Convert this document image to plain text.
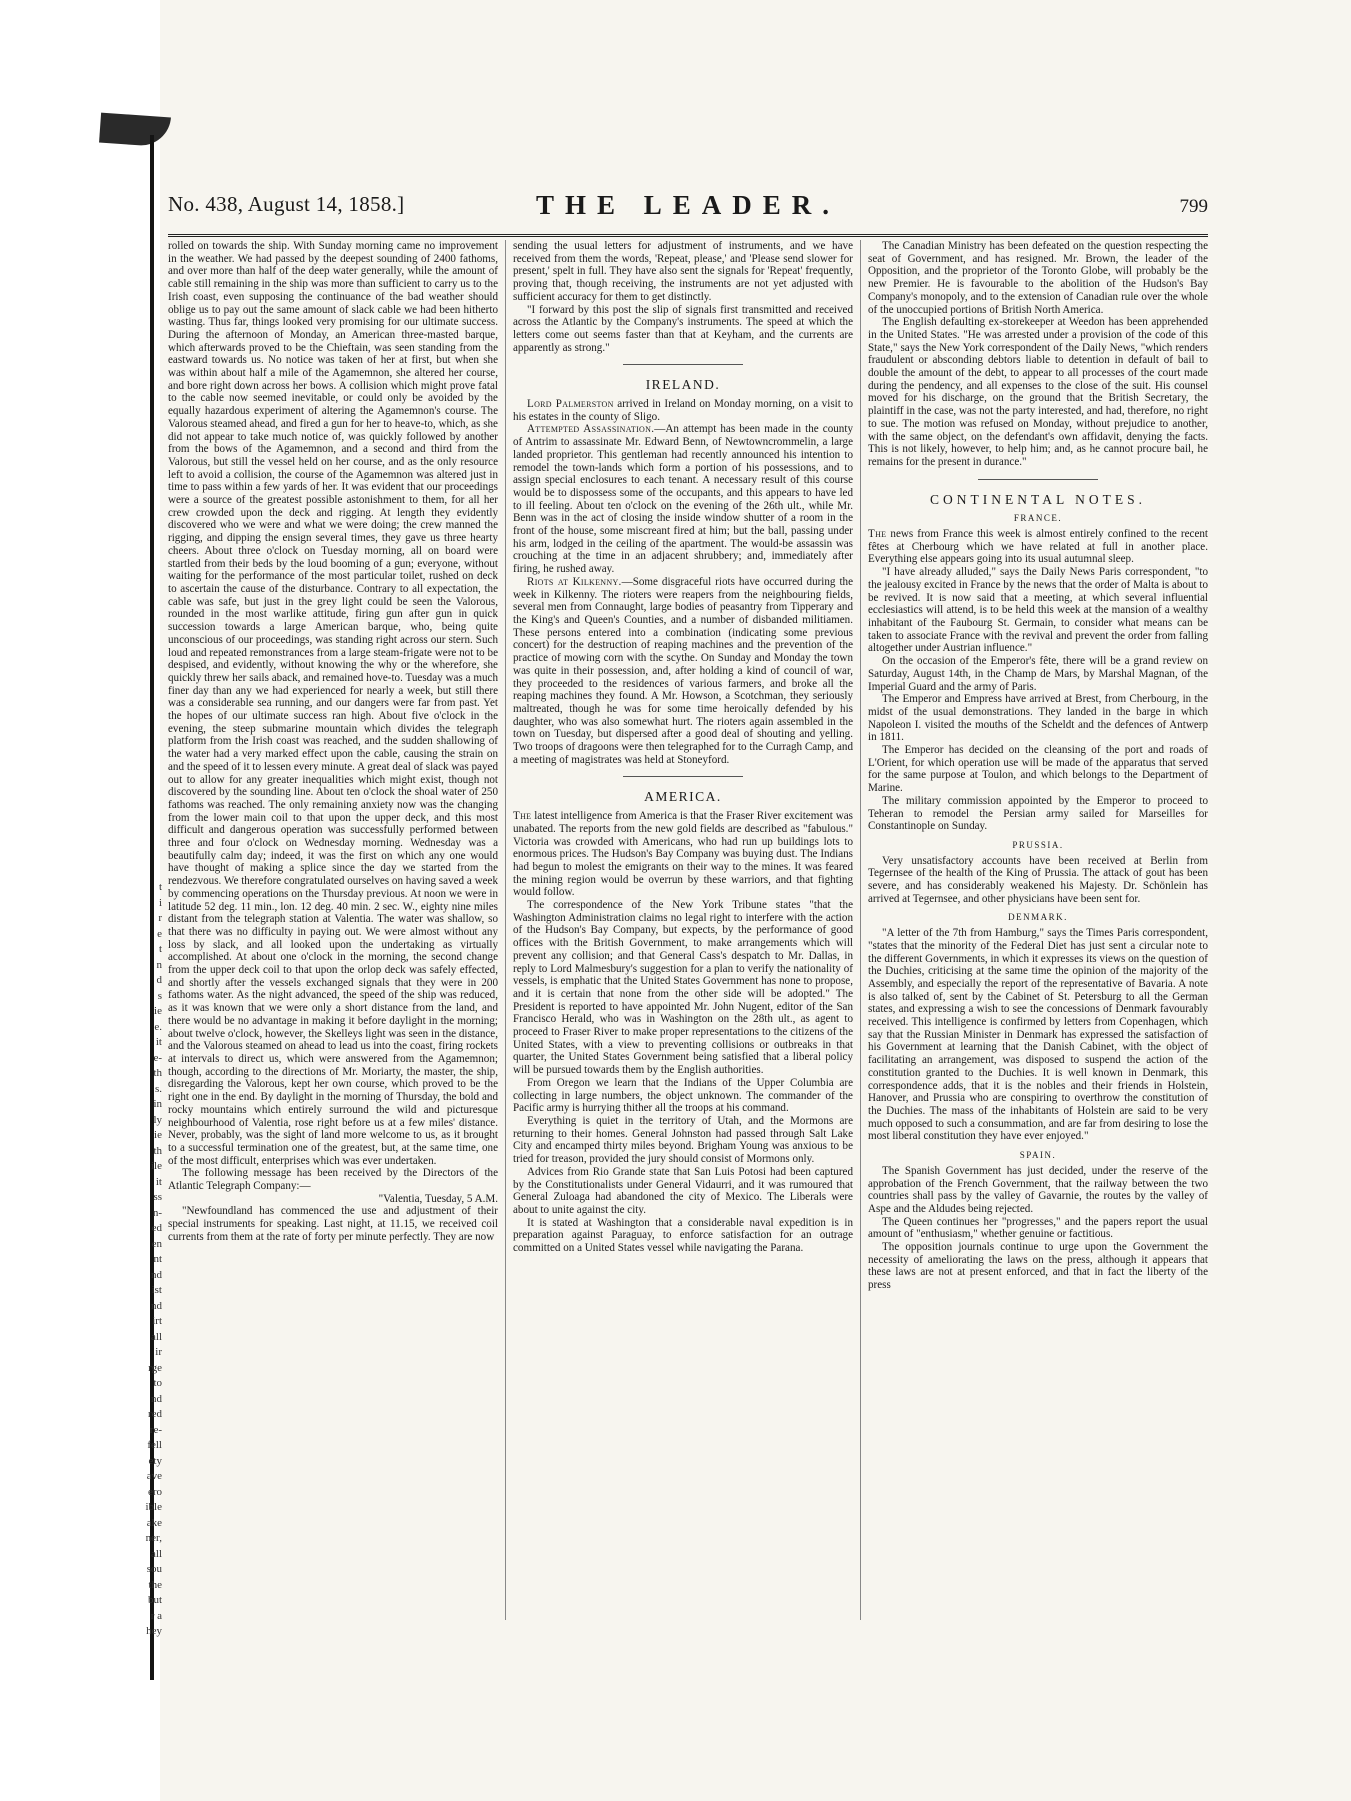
t
i
r
e
t
n
d
s
ie
e.
it
e-
th
s.
in
ly
ie
th
ile
it
ss
n-
ed
en
nt
nd
ist
nd
irt
all
ir
rge
to
nd
red
re-
fell
ety
ave
ero
ible
ake
ner,
all
sou
the
but
r a
hey
No. 438, August 14, 1858.]	THE LEADER.	799

rolled on towards the ship. With Sunday morning came no improvement in the weather. We had passed by the deepest sounding of 2400 fathoms, and over more than half of the deep water generally, while the amount of cable still remaining in the ship was more than sufficient to carry us to the Irish coast, even supposing the continuance of the bad weather should oblige us to pay out the same amount of slack cable we had been hitherto wasting. Thus far, things looked very promising for our ultimate success. During the afternoon of Monday, an American three-masted barque, which afterwards proved to be the Chieftain, was seen standing from the eastward towards us. No notice was taken of her at first, but when she was within about half a mile of the Agamemnon, she altered her course, and bore right down across her bows. A collision which might prove fatal to the cable now seemed inevitable, or could only be avoided by the equally hazardous experiment of altering the Agamemnon's course. The Valorous steamed ahead, and fired a gun for her to heave-to, which, as she did not appear to take much notice of, was quickly followed by another from the bows of the Agamemnon, and a second and third from the Valorous, but still the vessel held on her course, and as the only resource left to avoid a collision, the course of the Agamemnon was altered just in time to pass within a few yards of her. It was evident that our proceedings were a source of the greatest possible astonishment to them, for all her crew crowded upon the deck and rigging. At length they evidently discovered who we were and what we were doing; the crew manned the rigging, and dipping the ensign several times, they gave us three hearty cheers. About three o'clock on Tuesday morning, all on board were startled from their beds by the loud booming of a gun; everyone, without waiting for the performance of the most particular toilet, rushed on deck to ascertain the cause of the disturbance. Contrary to all expectation, the cable was safe, but just in the grey light could be seen the Valorous, rounded in the most warlike attitude, firing gun after gun in quick succession towards a large American barque, who, being quite unconscious of our proceedings, was standing right across our stern. Such loud and repeated remonstrances from a large steam-frigate were not to be despised, and evidently, without knowing the why or the wherefore, she quickly threw her sails aback, and remained hove-to. Tuesday was a much finer day than any we had experienced for nearly a week, but still there was a considerable sea running, and our dangers were far from past. Yet the hopes of our ultimate success ran high. About five o'clock in the evening, the steep submarine mountain which divides the telegraph platform from the Irish coast was reached, and the sudden shallowing of the water had a very marked effect upon the cable, causing the strain on and the speed of it to lessen every minute. A great deal of slack was payed out to allow for any greater inequalities which might exist, though not discovered by the sounding line. About ten o'clock the shoal water of 250 fathoms was reached. The only remaining anxiety now was the changing from the lower main coil to that upon the upper deck, and this most difficult and dangerous operation was successfully performed between three and four o'clock on Wednesday morning. Wednesday was a beautifully calm day; indeed, it was the first on which any one would have thought of making a splice since the day we started from the rendezvous. We therefore congratulated ourselves on having saved a week by commencing operations on the Thursday previous. At noon we were in latitude 52 deg. 11 min., lon. 12 deg. 40 min. 2 sec. W., eighty nine miles distant from the telegraph station at Valentia. The water was shallow, so that there was no difficulty in paying out. We were almost without any loss by slack, and all looked upon the undertaking as virtually accomplished. At about one o'clock in the morning, the second change from the upper deck coil to that upon the orlop deck was safely effected, and shortly after the vessels exchanged signals that they were in 200 fathoms water. As the night advanced, the speed of the ship was reduced, as it was known that we were only a short distance from the land, and there would be no advantage in making it before daylight in the morning; about twelve o'clock, however, the Skelleys light was seen in the distance, and the Valorous steamed on ahead to lead us into the coast, firing rockets at intervals to direct us, which were answered from the Agamemnon; though, according to the directions of Mr. Moriarty, the master, the ship, disregarding the Valorous, kept her own course, which proved to be the right one in the end. By daylight in the morning of Thursday, the bold and rocky mountains which entirely surround the wild and picturesque neighbourhood of Valentia, rose right before us at a few miles' distance. Never, probably, was the sight of land more welcome to us, as it brought to a successful termination one of the greatest, but, at the same time, one of the most difficult, enterprises which was ever undertaken.

The following message has been received by the Directors of the Atlantic Telegraph Company:—

"Valentia, Tuesday, 5 A.M.

"Newfoundland has commenced the use and adjustment of their special instruments for speaking. Last night, at 11.15, we received coil currents from them at the rate of forty per minute perfectly. They are now

sending the usual letters for adjustment of instruments, and we have received from them the words, 'Repeat, please,' and 'Please send slower for present,' spelt in full. They have also sent the signals for 'Repeat' frequently, proving that, though receiving, the instruments are not yet adjusted with sufficient accuracy for them to get distinctly.

"I forward by this post the slip of signals first transmitted and received across the Atlantic by the Company's instruments. The speed at which the letters come out seems faster than that at Keyham, and the currents are apparently as strong."

IRELAND.

Lord Palmerston arrived in Ireland on Monday morning, on a visit to his estates in the county of Sligo.

Attempted Assassination.—An attempt has been made in the county of Antrim to assassinate Mr. Edward Benn, of Newtowncrommelin, a large landed proprietor. This gentleman had recently announced his intention to remodel the town-lands which form a portion of his possessions, and to assign special enclosures to each tenant. A necessary result of this course would be to dispossess some of the occupants, and this appears to have led to ill feeling. About ten o'clock on the evening of the 26th ult., while Mr. Benn was in the act of closing the inside window shutter of a room in the front of the house, some miscreant fired at him; but the ball, passing under his arm, lodged in the ceiling of the apartment. The would-be assassin was crouching at the time in an adjacent shrubbery; and, immediately after firing, he rushed away.

Riots at Kilkenny.—Some disgraceful riots have occurred during the week in Kilkenny. The rioters were reapers from the neighbouring fields, several men from Connaught, large bodies of peasantry from Tipperary and the King's and Queen's Counties, and a number of disbanded militiamen. These persons entered into a combination (indicating some previous concert) for the destruction of reaping machines and the prevention of the practice of mowing corn with the scythe. On Sunday and Monday the town was quite in their possession, and, after holding a kind of council of war, they proceeded to the residences of various farmers, and broke all the reaping machines they found. A Mr. Howson, a Scotchman, they seriously maltreated, though he was for some time heroically defended by his daughter, who was also somewhat hurt. The rioters again assembled in the town on Tuesday, but dispersed after a good deal of shouting and yelling. Two troops of dragoons were then telegraphed for to the Curragh Camp, and a meeting of magistrates was held at Stoneyford.

AMERICA.

The latest intelligence from America is that the Fraser River excitement was unabated. The reports from the new gold fields are described as "fabulous." Victoria was crowded with Americans, who had run up buildings lots to enormous prices. The Hudson's Bay Company was buying dust. The Indians had begun to molest the emigrants on their way to the mines. It was feared the mining region would be overrun by these warriors, and that fighting would follow.

The correspondence of the New York Tribune states "that the Washington Administration claims no legal right to interfere with the action of the Hudson's Bay Company, but expects, by the performance of good offices with the British Government, to make arrangements which will prevent any collision; and that General Cass's despatch to Mr. Dallas, in reply to Lord Malmesbury's suggestion for a plan to verify the nationality of vessels, is emphatic that the United States Government has none to propose, and it is certain that none from the other side will be adopted." The President is reported to have appointed Mr. John Nugent, editor of the San Francisco Herald, who was in Washington on the 28th ult., as agent to proceed to Fraser River to make proper representations to the citizens of the United States, with a view to preventing collisions or outbreaks in that quarter, the United States Government being satisfied that a liberal policy will be pursued towards them by the English authorities.

From Oregon we learn that the Indians of the Upper Columbia are collecting in large numbers, the object unknown. The commander of the Pacific army is hurrying thither all the troops at his command.

Everything is quiet in the territory of Utah, and the Mormons are returning to their homes. General Johnston had passed through Salt Lake City and encamped thirty miles beyond. Brigham Young was anxious to be tried for treason, provided the jury should consist of Mormons only.

Advices from Rio Grande state that San Luis Potosi had been captured by the Constitutionalists under General Vidaurri, and it was rumoured that General Zuloaga had abandoned the city of Mexico. The Liberals were about to unite against the city.

It is stated at Washington that a considerable naval expedition is in preparation against Paraguay, to enforce satisfaction for an outrage committed on a United States vessel while navigating the Parana.

The Canadian Ministry has been defeated on the question respecting the seat of Government, and has resigned. Mr. Brown, the leader of the Opposition, and the proprietor of the Toronto Globe, will probably be the new Premier. He is favourable to the abolition of the Hudson's Bay Company's monopoly, and to the extension of Canadian rule over the whole of the unoccupied portions of British North America.

The English defaulting ex-storekeeper at Weedon has been apprehended in the United States. "He was arrested under a provision of the code of this State," says the New York correspondent of the Daily News, "which renders fraudulent or absconding debtors liable to detention in default of bail to double the amount of the debt, to appear to all processes of the court made during the pendency, and all expenses to the close of the suit. His counsel moved for his discharge, on the ground that the British Secretary, the plaintiff in the case, was not the party interested, and had, therefore, no right to sue. The motion was refused on Monday, without prejudice to another, with the same object, on the defendant's own affidavit, denying the facts. This is not likely, however, to help him; and, as he cannot procure bail, he remains for the present in durance."

CONTINENTAL NOTES.
FRANCE.

The news from France this week is almost entirely confined to the recent fêtes at Cherbourg which we have related at full in another place. Everything else appears going into its usual autumnal sleep.

"I have already alluded," says the Daily News Paris correspondent, "to the jealousy excited in France by the news that the order of Malta is about to be revived. It is now said that a meeting, at which several influential ecclesiastics will attend, is to be held this week at the mansion of a wealthy inhabitant of the Faubourg St. Germain, to consider what means can be taken to associate France with the revival and prevent the order from falling altogether under Austrian influence."

On the occasion of the Emperor's fête, there will be a grand review on Saturday, August 14th, in the Champ de Mars, by Marshal Magnan, of the Imperial Guard and the army of Paris.

The Emperor and Empress have arrived at Brest, from Cherbourg, in the midst of the usual demonstrations. They landed in the barge in which Napoleon I. visited the mouths of the Scheldt and the defences of Antwerp in 1811.

The Emperor has decided on the cleansing of the port and roads of L'Orient, for which operation use will be made of the apparatus that served for the same purpose at Toulon, and which belongs to the Department of Marine.

The military commission appointed by the Emperor to proceed to Teheran to remodel the Persian army sailed for Marseilles for Constantinople on Sunday.

PRUSSIA.

Very unsatisfactory accounts have been received at Berlin from Tegernsee of the health of the King of Prussia. The attack of gout has been severe, and has considerably weakened his Majesty. Dr. Schönlein has arrived at Tegernsee, and other physicians have been sent for.

DENMARK.

"A letter of the 7th from Hamburg," says the Times Paris correspondent, "states that the minority of the Federal Diet has just sent a circular note to the different Governments, in which it expresses its views on the question of the Duchies, criticising at the same time the opinion of the majority of the Assembly, and especially the report of the representative of Bavaria. A note is also talked of, sent by the Cabinet of St. Petersburg to all the German states, and expressing a wish to see the concessions of Denmark favourably received. This intelligence is confirmed by letters from Copenhagen, which say that the Russian Minister in Denmark has expressed the satisfaction of his Government at learning that the Danish Cabinet, with the object of facilitating an arrangement, was disposed to suspend the action of the constitution granted to the Duchies. It is well known in Denmark, this correspondence adds, that it is the nobles and their friends in Holstein, Hanover, and Prussia who are conspiring to overthrow the constitution of the Duchies. The mass of the inhabitants of Holstein are said to be very much opposed to such a consummation, and are far from desiring to lose the most liberal constitution they have ever enjoyed."

SPAIN.

The Spanish Government has just decided, under the reserve of the approbation of the French Government, that the railway between the two countries shall pass by the valley of Gavarnie, the routes by the valley of Aspe and the Aldudes being rejected.

The Queen continues her "progresses," and the papers report the usual amount of "enthusiasm," whether genuine or factitious.

The opposition journals continue to urge upon the Government the necessity of ameliorating the laws on the press, although it appears that these laws are not at present enforced, and that in fact the liberty of the press
